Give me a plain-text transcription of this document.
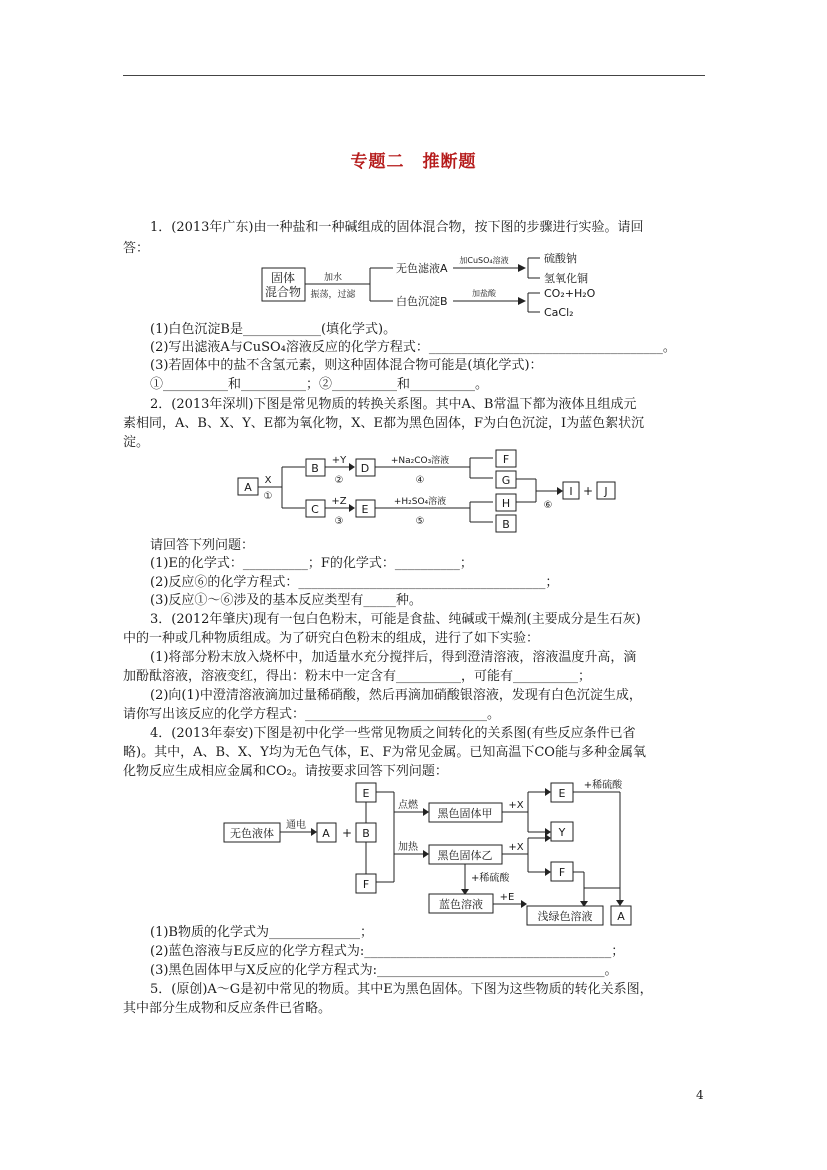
专题二　推断题
1．(2013年广东)由一种盐和一种碱组成的固体混合物，按下图的步骤进行实验。请回
答：
固体混合物
加水
振荡，过滤
无色滤液A
白色沉淀B
加CuSO₄溶液
加盐酸
硫酸钠
氢氧化铜
CO₂+H₂O
CaCl₂
(1)白色沉淀B是____________(填化学式)。
(2)写出滤液A与CuSO₄溶液反应的化学方程式：____________________________________。
(3)若固体中的盐不含氢元素，则这种固体混合物可能是(填化学式)：
①__________和__________；②__________和__________。
2．(2013年深圳)下图是常见物质的转换关系图。其中A、B常温下都为液体且组成元
素相同，A、B、X、Y、E都为氧化物，X、E都为黑色固体，F为白色沉淀，I为蓝色絮状沉
淀。
A
X
①
B
C
+Y
②
+Z
③
D
E
+Na₂CO₃溶液
④
+H₂SO₄溶液
⑤
F
G
H
B
⑥
I + J
请回答下列问题：
(1)E的化学式：__________；F的化学式：__________；
(2)反应⑥的化学方程式：______________________________________；
(3)反应①～⑥涉及的基本反应类型有_____种。
3．(2012年肇庆)现有一包白色粉末，可能是食盐、纯碱或干燥剂(主要成分是生石灰)
中的一种或几种物质组成。为了研究白色粉末的组成，进行了如下实验：
(1)将部分粉末放入烧杯中，加适量水充分搅拌后，得到澄清溶液，溶液温度升高，滴
加酚酞溶液，溶液变红，得出：粉末中一定含有__________，可能有__________；
(2)向(1)中澄清溶液滴加过量稀硝酸，然后再滴加硝酸银溶液，发现有白色沉淀生成，
请你写出该反应的化学方程式：____________________________。
4．(2013年泰安)下图是初中化学一些常见物质之间转化的关系图(有些反应条件已省
略)。其中，A、B、X、Y均为无色气体，E、F为常见金属。已知高温下CO能与多种金属氧
化物反应生成相应金属和CO₂。请按要求回答下列问题：
无色液体
通电
A + B
E
F
点燃
加热
黑色固体甲
黑色固体乙
+X
+X
E
Y
F
+稀硫酸
+稀硫酸
蓝色溶液
+E
浅绿色溶液 A
(1)B物质的化学式为______________；
(2)蓝色溶液与E反应的化学方程式为:______________________________________；
(3)黑色固体甲与X反应的化学方程式为:___________________________________。
5．(原创)A～G是初中常见的物质。其中E为黑色固体。下图为这些物质的转化关系图，
其中部分生成物和反应条件已省略。
4
